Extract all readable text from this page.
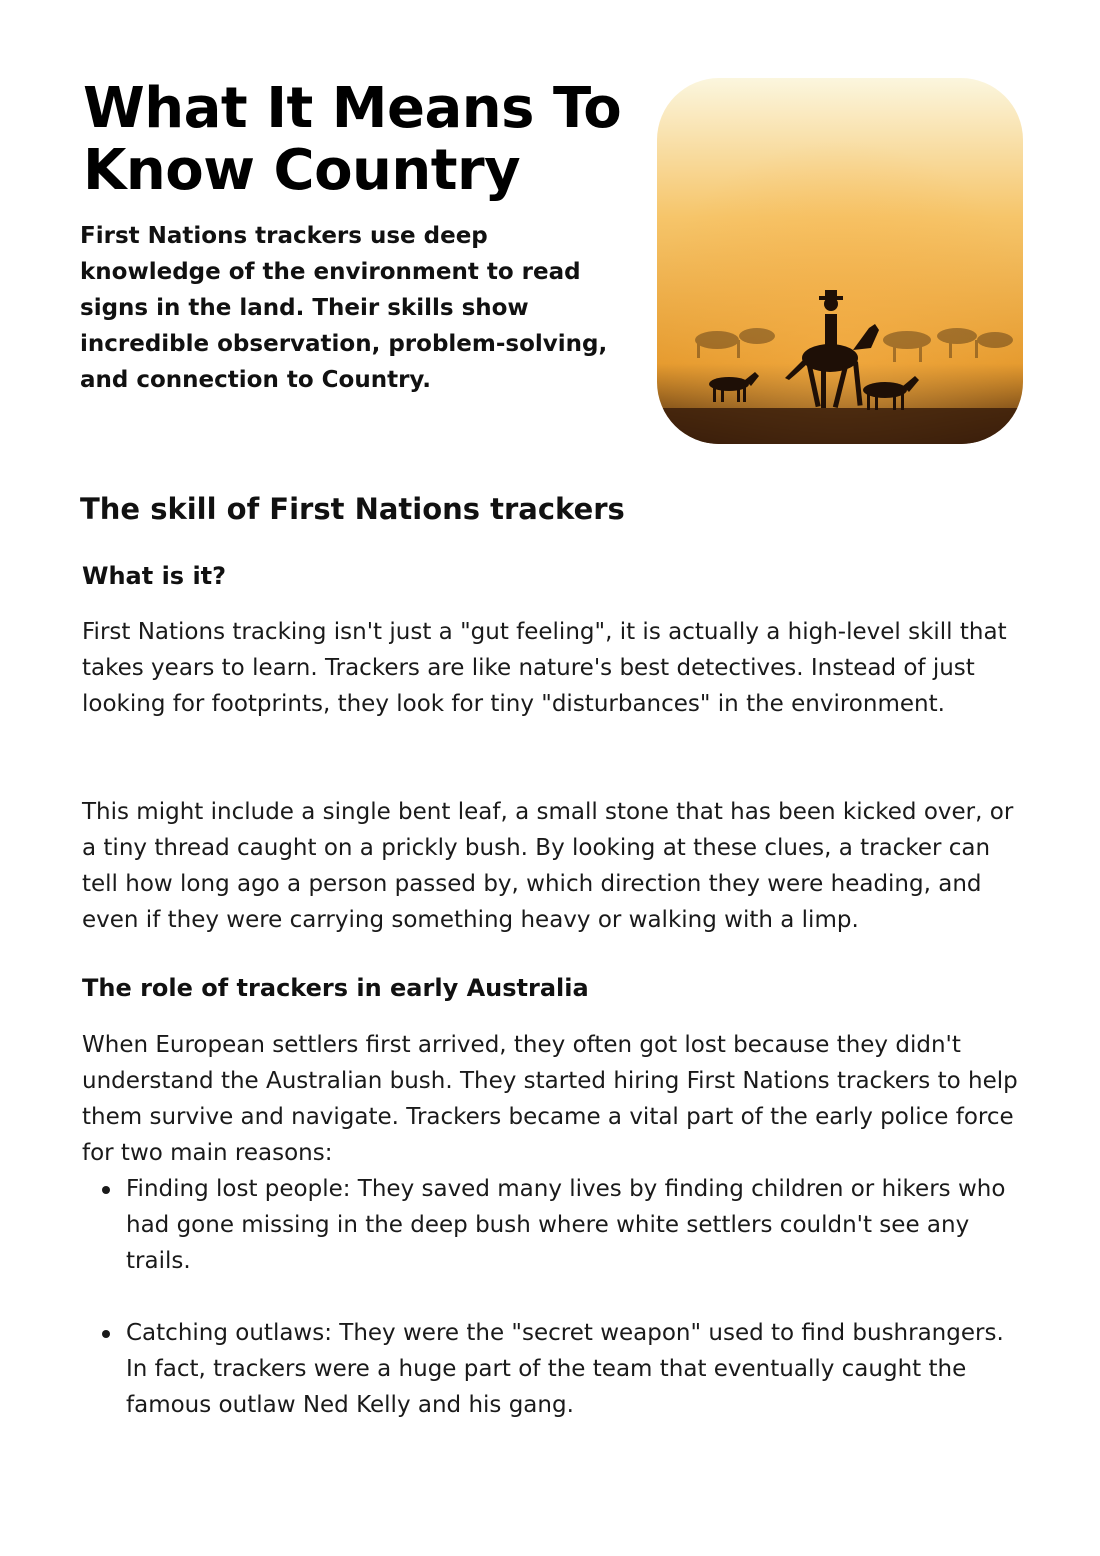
What It Means To Know Country

First Nations trackers use deep knowledge of the environment to read signs in the land. Their skills show incredible observation, problem-solving, and connection to Country.

The skill of First Nations trackers
What is it?

First Nations tracking isn't just a "gut feeling", it is actually a high-level skill that takes years to learn. Trackers are like nature's best detectives. Instead of just looking for footprints, they look for tiny "disturbances" in the environment.

This might include a single bent leaf, a small stone that has been kicked over, or a tiny thread caught on a prickly bush. By looking at these clues, a tracker can tell how long ago a person passed by, which direction they were heading, and even if they were carrying something heavy or walking with a limp.

The role of trackers in early Australia

When European settlers first arrived, they often got lost because they didn't understand the Australian bush. They started hiring First Nations trackers to help them survive and navigate. Trackers became a vital part of the early police force for two main reasons:

Finding lost people: They saved many lives by finding children or hikers who had gone missing in the deep bush where white settlers couldn't see any trails.
Catching outlaws: They were the "secret weapon" used to find bushrangers. In fact, trackers were a huge part of the team that eventually caught the famous outlaw Ned Kelly and his gang.
